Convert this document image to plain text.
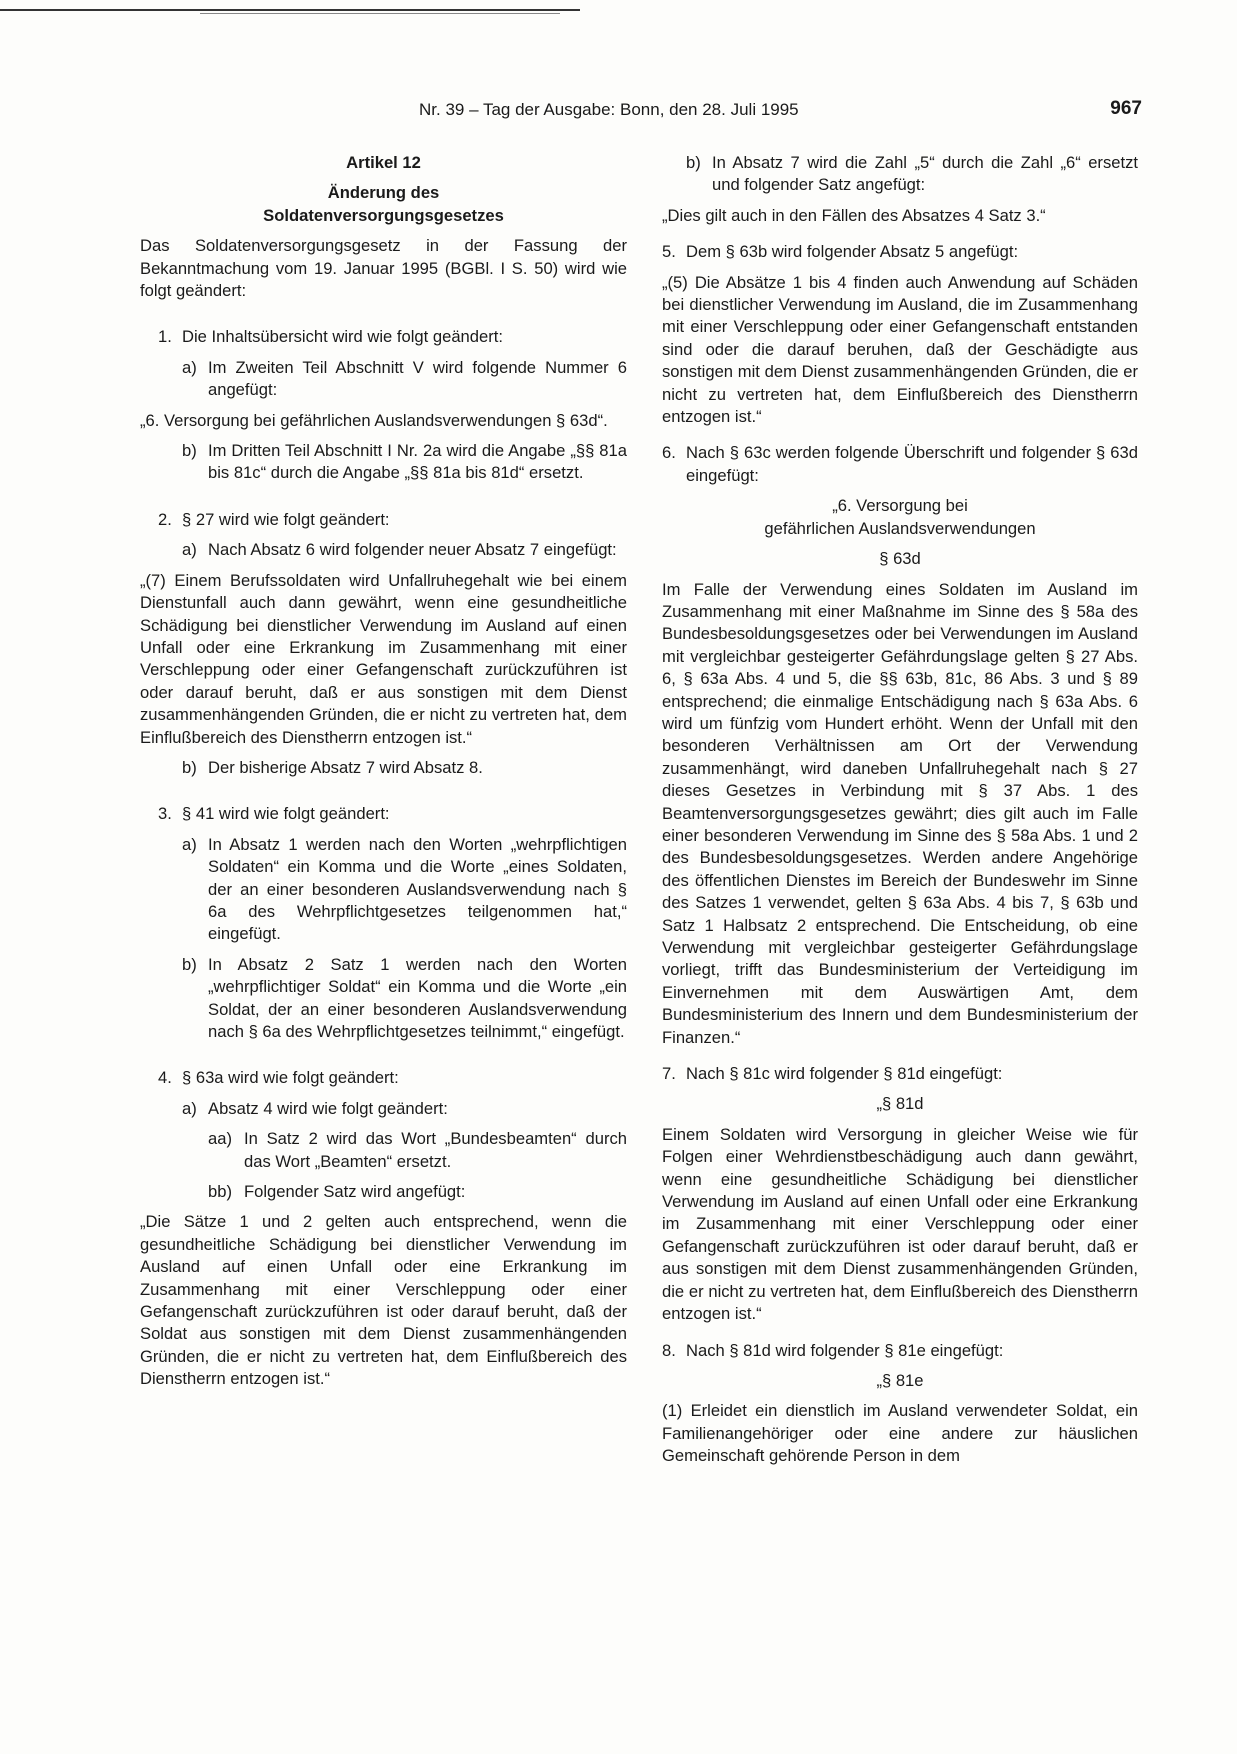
Nr. 39 – Tag der Ausgabe: Bonn, den 28. Juli 1995	967

Artikel 12

Änderung des

Soldatenversorgungsgesetzes

Das Soldatenversorgungsgesetz in der Fassung der Bekanntmachung vom 19. Januar 1995 (BGBl. I S. 50) wird wie folgt geändert:

1. Die Inhaltsübersicht wird wie folgt geändert:

a) Im Zweiten Teil Abschnitt V wird folgende Nummer 6 angefügt:

„6. Versorgung bei gefährlichen Auslandsverwendungen § 63d“.

b) Im Dritten Teil Abschnitt I Nr. 2a wird die Angabe „§§ 81a bis 81c“ durch die Angabe „§§ 81a bis 81d“ ersetzt.

2. § 27 wird wie folgt geändert:

a) Nach Absatz 6 wird folgender neuer Absatz 7 eingefügt:

„(7) Einem Berufssoldaten wird Unfallruhegehalt wie bei einem Dienstunfall auch dann gewährt, wenn eine gesundheitliche Schädigung bei dienstlicher Verwendung im Ausland auf einen Unfall oder eine Erkrankung im Zusammenhang mit einer Verschleppung oder einer Gefangenschaft zurückzuführen ist oder darauf beruht, daß er aus sonstigen mit dem Dienst zusammenhängenden Gründen, die er nicht zu vertreten hat, dem Einflußbereich des Dienstherrn entzogen ist.“

b) Der bisherige Absatz 7 wird Absatz 8.

3. § 41 wird wie folgt geändert:

a) In Absatz 1 werden nach den Worten „wehrpflichtigen Soldaten“ ein Komma und die Worte „eines Soldaten, der an einer besonderen Auslandsverwendung nach § 6a des Wehrpflichtgesetzes teilgenommen hat,“ eingefügt.

b) In Absatz 2 Satz 1 werden nach den Worten „wehrpflichtiger Soldat“ ein Komma und die Worte „ein Soldat, der an einer besonderen Auslandsverwendung nach § 6a des Wehrpflichtgesetzes teilnimmt,“ eingefügt.

4. § 63a wird wie folgt geändert:

a) Absatz 4 wird wie folgt geändert:

aa) In Satz 2 wird das Wort „Bundesbeamten“ durch das Wort „Beamten“ ersetzt.

bb) Folgender Satz wird angefügt:

„Die Sätze 1 und 2 gelten auch entsprechend, wenn die gesundheitliche Schädigung bei dienstlicher Verwendung im Ausland auf einen Unfall oder eine Erkrankung im Zusammenhang mit einer Verschleppung oder einer Gefangenschaft zurückzuführen ist oder darauf beruht, daß der Soldat aus sonstigen mit dem Dienst zusammenhängenden Gründen, die er nicht zu vertreten hat, dem Einflußbereich des Dienstherrn entzogen ist.“

b) In Absatz 7 wird die Zahl „5“ durch die Zahl „6“ ersetzt und folgender Satz angefügt:

„Dies gilt auch in den Fällen des Absatzes 4 Satz 3.“

5. Dem § 63b wird folgender Absatz 5 angefügt:

„(5) Die Absätze 1 bis 4 finden auch Anwendung auf Schäden bei dienstlicher Verwendung im Ausland, die im Zusammenhang mit einer Verschleppung oder einer Gefangenschaft entstanden sind oder die darauf beruhen, daß der Geschädigte aus sonstigen mit dem Dienst zusammenhängenden Gründen, die er nicht zu vertreten hat, dem Einflußbereich des Dienstherrn entzogen ist.“

6. Nach § 63c werden folgende Überschrift und folgender § 63d eingefügt:

„6. Versorgung bei

gefährlichen Auslandsverwendungen

§ 63d

Im Falle der Verwendung eines Soldaten im Ausland im Zusammenhang mit einer Maßnahme im Sinne des § 58a des Bundesbesoldungsgesetzes oder bei Verwendungen im Ausland mit vergleichbar gesteigerter Gefährdungslage gelten § 27 Abs. 6, § 63a Abs. 4 und 5, die §§ 63b, 81c, 86 Abs. 3 und § 89 entsprechend; die einmalige Entschädigung nach § 63a Abs. 6 wird um fünfzig vom Hundert erhöht. Wenn der Unfall mit den besonderen Verhältnissen am Ort der Verwendung zusammenhängt, wird daneben Unfallruhegehalt nach § 27 dieses Gesetzes in Verbindung mit § 37 Abs. 1 des Beamtenversorgungsgesetzes gewährt; dies gilt auch im Falle einer besonderen Verwendung im Sinne des § 58a Abs. 1 und 2 des Bundesbesoldungsgesetzes. Werden andere Angehörige des öffentlichen Dienstes im Bereich der Bundeswehr im Sinne des Satzes 1 verwendet, gelten § 63a Abs. 4 bis 7, § 63b und Satz 1 Halbsatz 2 entsprechend. Die Entscheidung, ob eine Verwendung mit vergleichbar gesteigerter Gefährdungslage vorliegt, trifft das Bundesministerium der Verteidigung im Einvernehmen mit dem Auswärtigen Amt, dem Bundesministerium des Innern und dem Bundesministerium der Finanzen.“

7. Nach § 81c wird folgender § 81d eingefügt:

„§ 81d

Einem Soldaten wird Versorgung in gleicher Weise wie für Folgen einer Wehrdienstbeschädigung auch dann gewährt, wenn eine gesundheitliche Schädigung bei dienstlicher Verwendung im Ausland auf einen Unfall oder eine Erkrankung im Zusammenhang mit einer Verschleppung oder einer Gefangenschaft zurückzuführen ist oder darauf beruht, daß er aus sonstigen mit dem Dienst zusammenhängenden Gründen, die er nicht zu vertreten hat, dem Einflußbereich des Dienstherrn entzogen ist.“

8. Nach § 81d wird folgender § 81e eingefügt:

„§ 81e

(1) Erleidet ein dienstlich im Ausland verwendeter Soldat, ein Familienangehöriger oder eine andere zur häuslichen Gemeinschaft gehörende Person in dem
